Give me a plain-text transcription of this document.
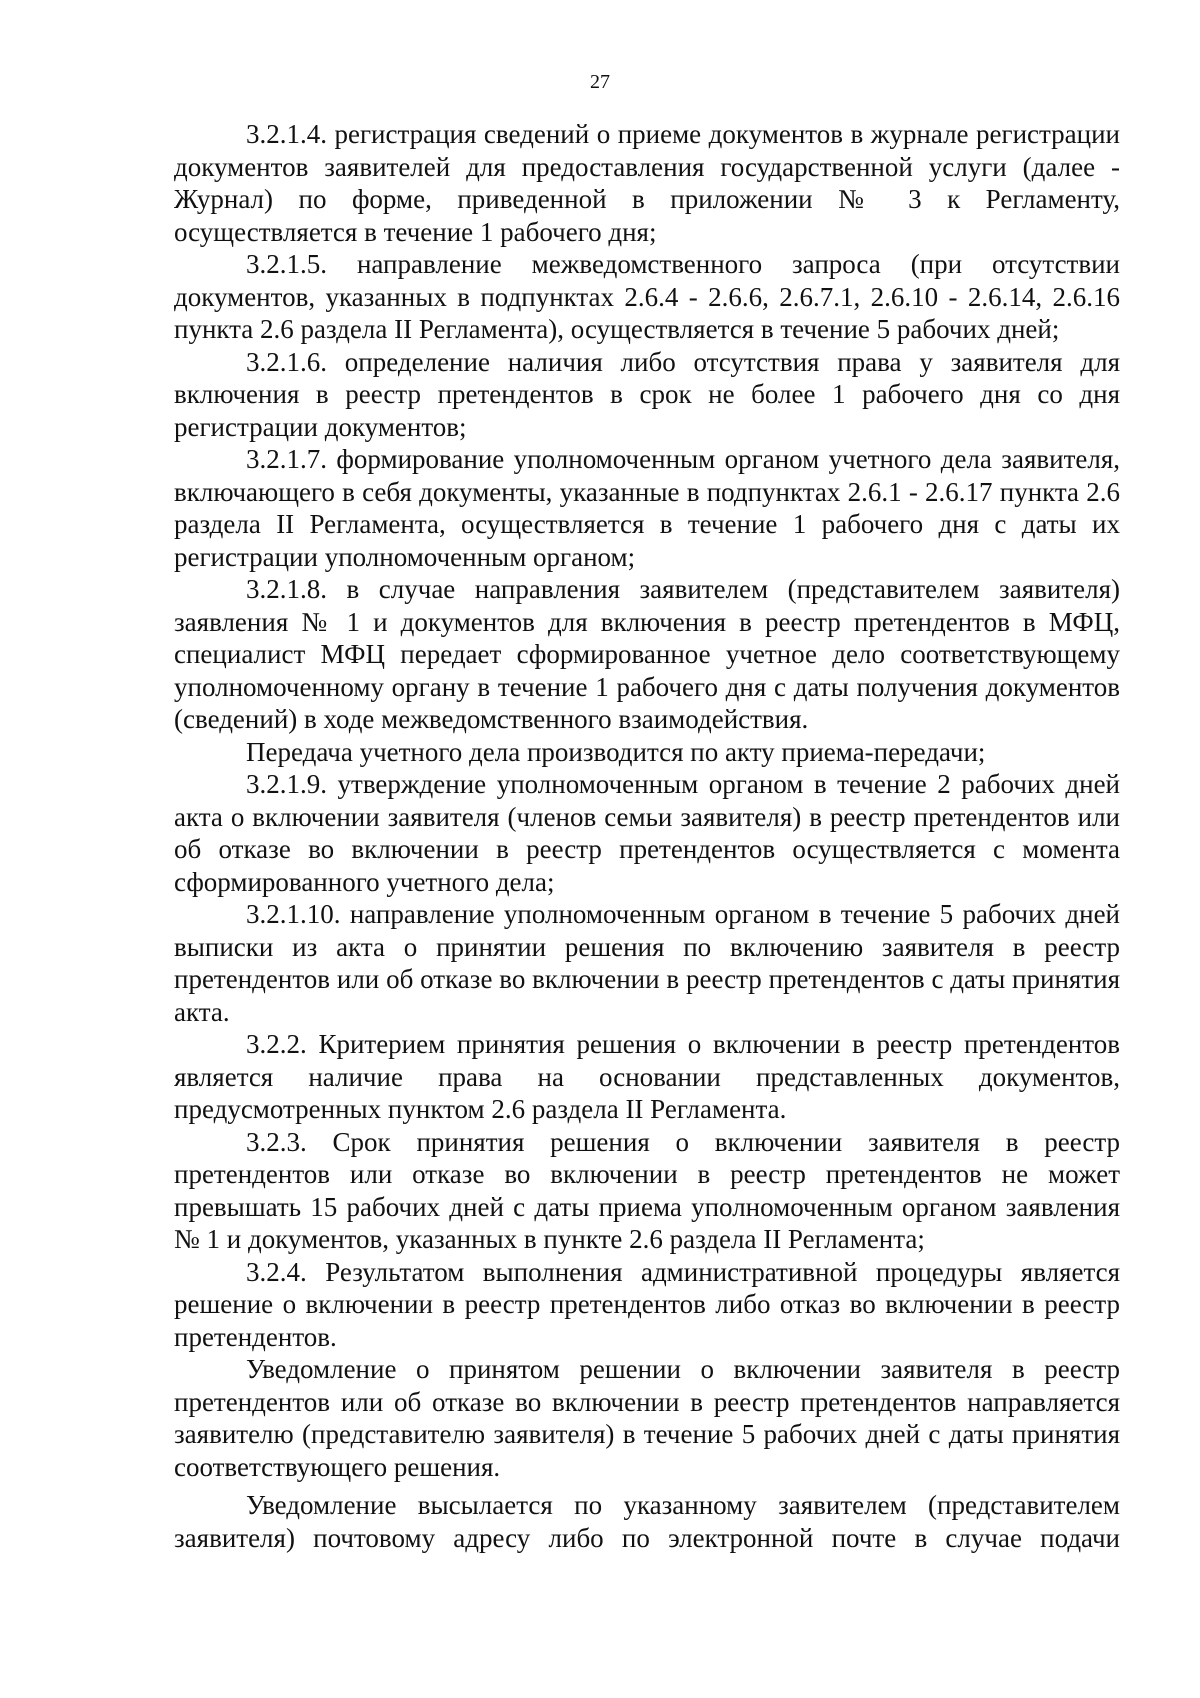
27

3.2.1.4. регистрация сведений о приеме документов в журнале регистрации документов заявителей для предоставления государственной услуги (далее - Журнал) по форме, приведенной в приложении № 3 к Регламенту, осуществляется в течение 1 рабочего дня;

3.2.1.5. направление межведомственного запроса (при отсутствии документов, указанных в подпунктах 2.6.4 - 2.6.6, 2.6.7.1, 2.6.10 - 2.6.14, 2.6.16 пункта 2.6 раздела II Регламента), осуществляется в течение 5 рабочих дней;

3.2.1.6. определение наличия либо отсутствия права у заявителя для включения в реестр претендентов в срок не более 1 рабочего дня со дня регистрации документов;

3.2.1.7. формирование уполномоченным органом учетного дела заявителя, включающего в себя документы, указанные в подпунктах 2.6.1 - 2.6.17 пункта 2.6 раздела II Регламента, осуществляется в течение 1 рабочего дня с даты их регистрации уполномоченным органом;

3.2.1.8. в случае направления заявителем (представителем заявителя) заявления № 1 и документов для включения в реестр претендентов в МФЦ, специалист МФЦ передает сформированное учетное дело соответствующему уполномоченному органу в течение 1 рабочего дня с даты получения документов (сведений) в ходе межведомственного взаимодействия.

Передача учетного дела производится по акту приема-передачи;

3.2.1.9. утверждение уполномоченным органом в течение 2 рабочих дней акта о включении заявителя (членов семьи заявителя) в реестр претендентов или об отказе во включении в реестр претендентов осуществляется с момента сформированного учетного дела;

3.2.1.10. направление уполномоченным органом в течение 5 рабочих дней выписки из акта о принятии решения по включению заявителя в реестр претендентов или об отказе во включении в реестр претендентов с даты принятия акта.

3.2.2. Критерием принятия решения о включении в реестр претендентов является наличие права на основании представленных документов, предусмотренных пунктом 2.6 раздела II Регламента.

3.2.3. Срок принятия решения о включении заявителя в реестр претендентов или отказе во включении в реестр претендентов не может превышать 15 рабочих дней с даты приема уполномоченным органом заявления № 1 и документов, указанных в пункте 2.6 раздела II Регламента;

3.2.4. Результатом выполнения административной процедуры является решение о включении в реестр претендентов либо отказ во включении в реестр претендентов.

Уведомление о принятом решении о включении заявителя в реестр претендентов или об отказе во включении в реестр претендентов направляется заявителю (представителю заявителя) в течение 5 рабочих дней с даты принятия соответствующего решения.

Уведомление высылается по указанному заявителем (представителем заявителя) почтовому адресу либо по электронной почте в случае подачи
